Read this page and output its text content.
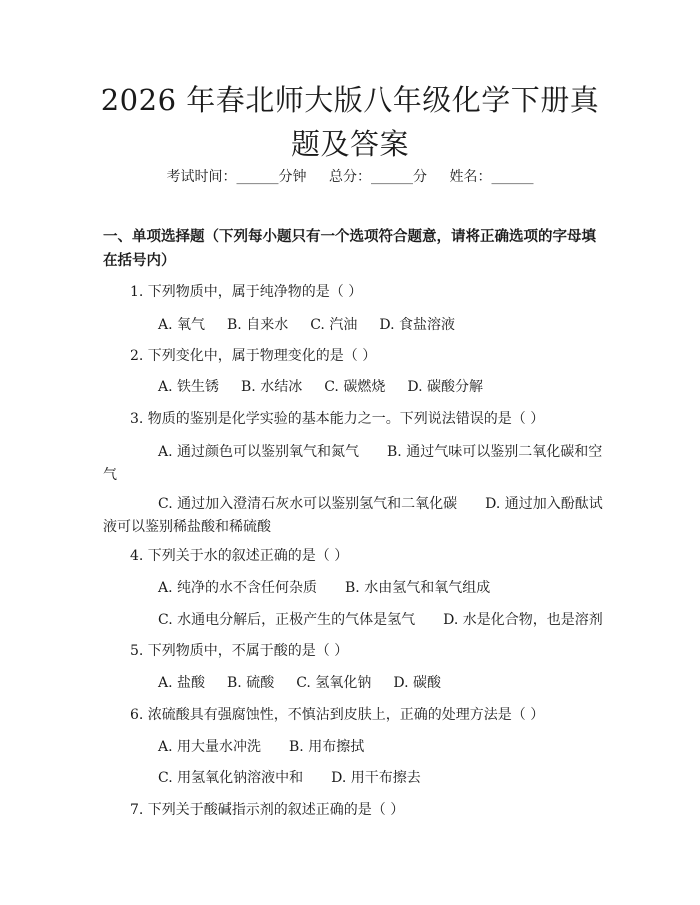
2026 年春北师大版八年级化学下册真题及答案
考试时间：______分钟 总分：______分 姓名：______
一、单项选择题（下列每小题只有一个选项符合题意，请将正确选项的字母填在括号内）
1. 下列物质中，属于纯净物的是（ ）
A. 氧气 B. 自来水 C. 汽油 D. 食盐溶液
2. 下列变化中，属于物理变化的是（ ）
A. 铁生锈 B. 水结冰 C. 碳燃烧 D. 碳酸分解
3. 物质的鉴别是化学实验的基本能力之一。下列说法错误的是（ ）
A. 通过颜色可以鉴别氧气和氮气　　B. 通过气味可以鉴别二氧化碳和空
气
C. 通过加入澄清石灰水可以鉴别氢气和二氧化碳　　D. 通过加入酚酞试
液可以鉴别稀盐酸和稀硫酸
4. 下列关于水的叙述正确的是（ ）
A. 纯净的水不含任何杂质　　B. 水由氢气和氧气组成
C. 水通电分解后，正极产生的气体是氢气　　D. 水是化合物，也是溶剂
5. 下列物质中，不属于酸的是（ ）
A. 盐酸 B. 硫酸 C. 氢氧化钠 D. 碳酸
6. 浓硫酸具有强腐蚀性，不慎沾到皮肤上，正确的处理方法是（ ）
A. 用大量水冲洗　　B. 用布擦拭
C. 用氢氧化钠溶液中和　　D. 用干布擦去
7. 下列关于酸碱指示剂的叙述正确的是（ ）
